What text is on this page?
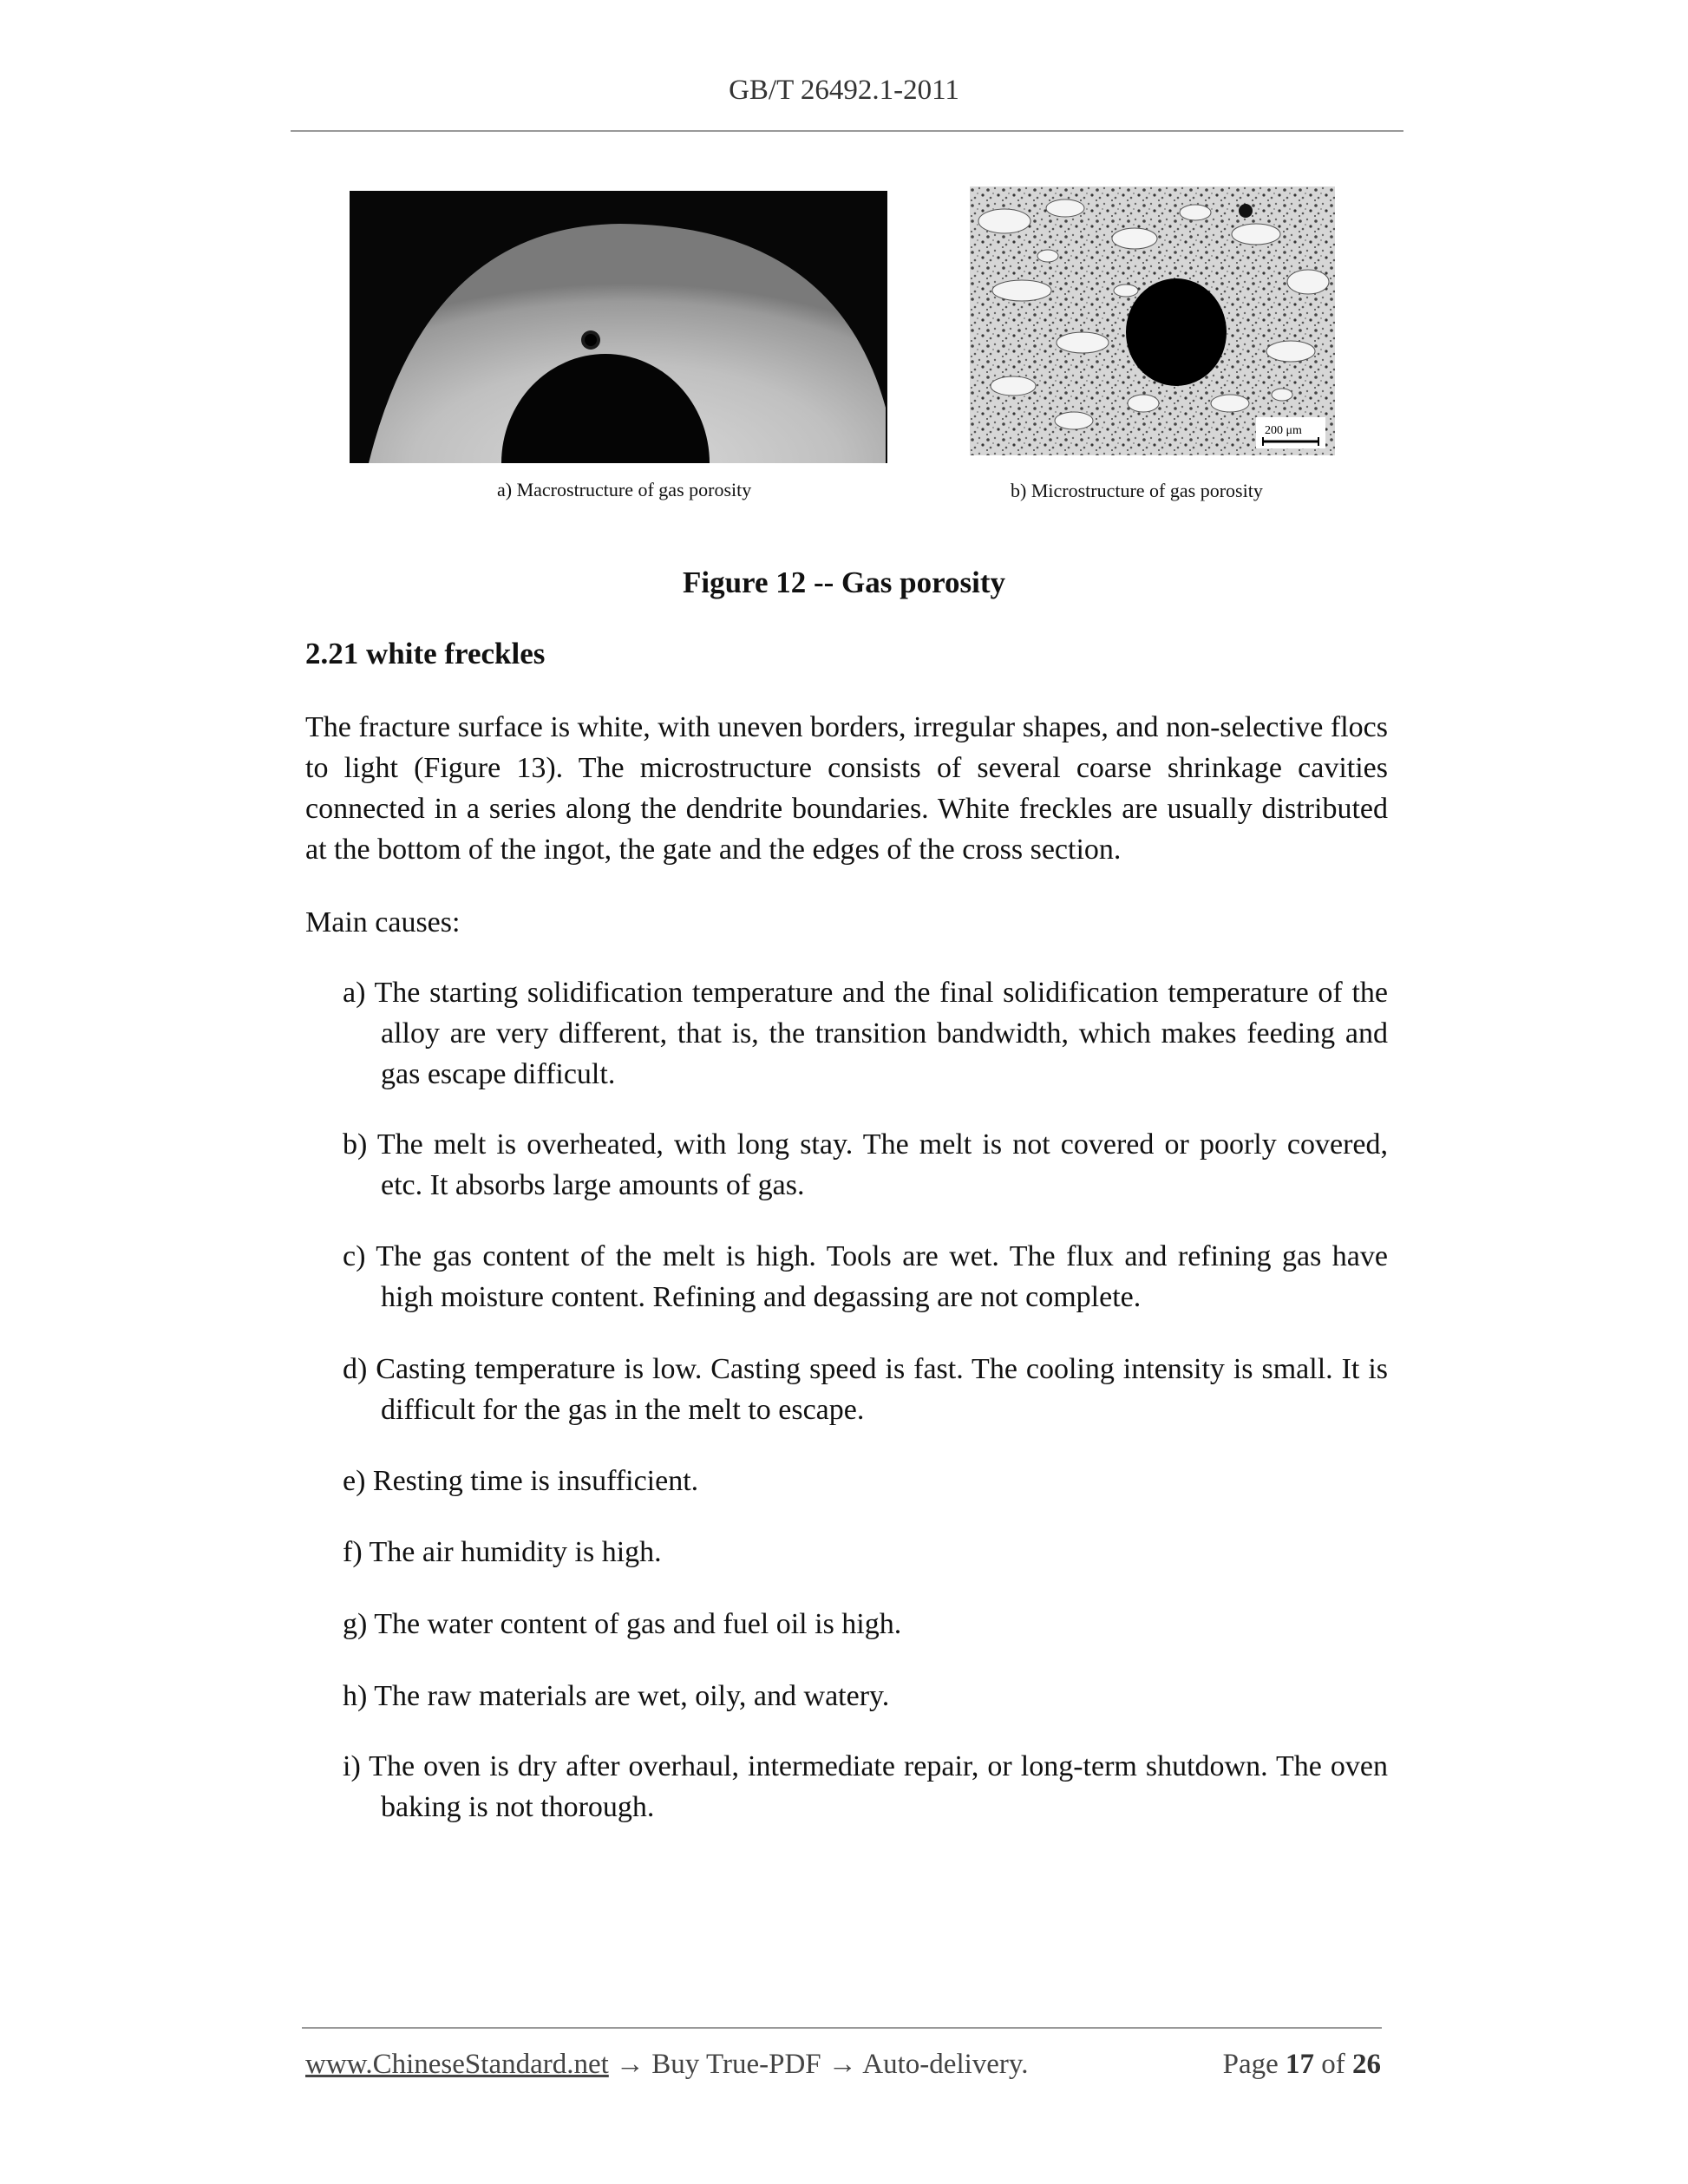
GB/T 26492.1-2011
200 μm
a) Macrostructure of gas porosity	b) Microstructure of gas porosity
Figure 12 -- Gas porosity
2.21 white freckles
The fracture surface is white, with uneven borders, irregular shapes, and non-selective flocs to light (Figure 13). The microstructure consists of several coarse shrinkage cavities connected in a series along the dendrite boundaries. White freckles are usually distributed at the bottom of the ingot, the gate and the edges of the cross section.
Main causes:
a) The starting solidification temperature and the final solidification temperature of the alloy are very different, that is, the transition bandwidth, which makes feeding and gas escape difficult.
b) The melt is overheated, with long stay. The melt is not covered or poorly covered, etc. It absorbs large amounts of gas.
c) The gas content of the melt is high. Tools are wet. The flux and refining gas have high moisture content. Refining and degassing are not complete.
d) Casting temperature is low. Casting speed is fast. The cooling intensity is small. It is difficult for the gas in the melt to escape.
e) Resting time is insufficient.
f) The air humidity is high.
g) The water content of gas and fuel oil is high.
h) The raw materials are wet, oily, and watery.
i) The oven is dry after overhaul, intermediate repair, or long-term shutdown. The oven baking is not thorough.
www.ChineseStandard.net → Buy True-PDF → Auto-delivery.	Page 17 of 26
